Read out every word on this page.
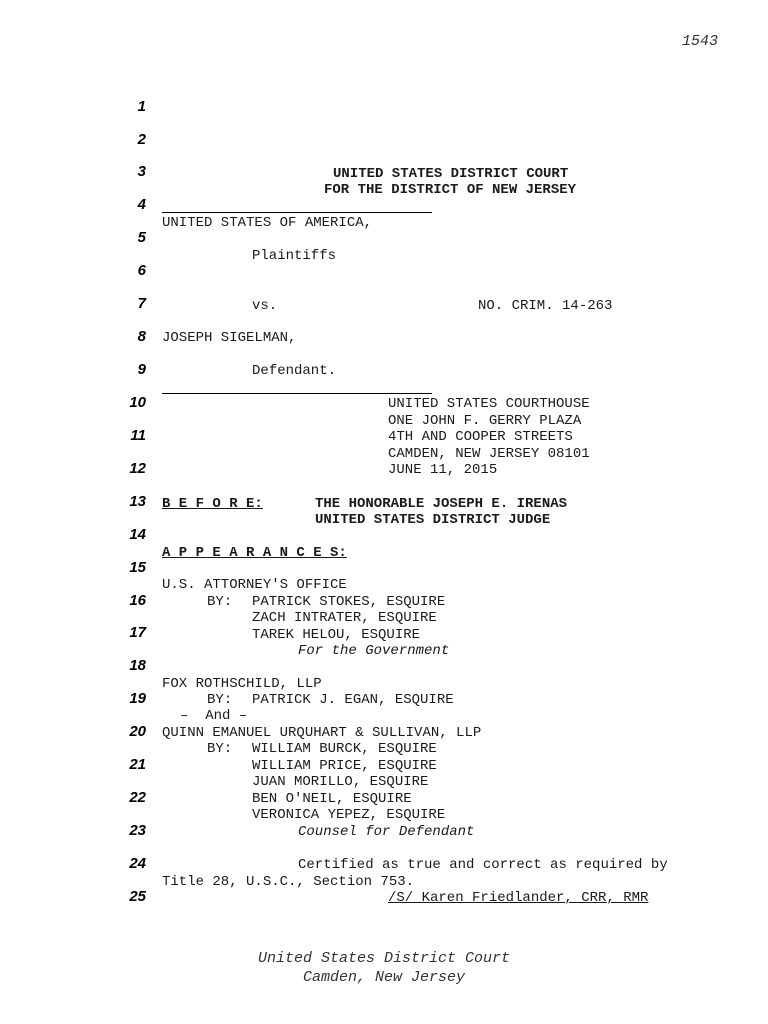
1543
1
2
3
4
5
6
7
8
9
10
11
12
13
14
15
16
17
18
19
20
21
22
23
24
25
UNITED STATES DISTRICT COURT
FOR THE DISTRICT OF NEW JERSEY
UNITED STATES OF AMERICA,
Plaintiffs
vs.	NO. CRIM. 14-263
JOSEPH SIGELMAN,
Defendant.
UNITED STATES COURTHOUSE
ONE JOHN F. GERRY PLAZA
4TH AND COOPER STREETS
CAMDEN, NEW JERSEY 08101
JUNE 11, 2015
B E F O R E:	THE HONORABLE JOSEPH E. IRENAS
UNITED STATES DISTRICT JUDGE
A P P E A R A N C E S:
U.S. ATTORNEY'S OFFICE
BY: PATRICK STOKES, ESQUIRE
ZACH INTRATER, ESQUIRE
TAREK HELOU, ESQUIRE
For the Government
FOX ROTHSCHILD, LLP
BY: PATRICK J. EGAN, ESQUIRE
–  And –
QUINN EMANUEL URQUHART & SULLIVAN, LLP
BY: WILLIAM BURCK, ESQUIRE
WILLIAM PRICE, ESQUIRE
JUAN MORILLO, ESQUIRE
BEN O'NEIL, ESQUIRE
VERONICA YEPEZ, ESQUIRE
Counsel for Defendant
Certified as true and correct as required by
Title 28, U.S.C., Section 753.
/S/ Karen Friedlander, CRR, RMR
United States District Court
Camden, New Jersey
